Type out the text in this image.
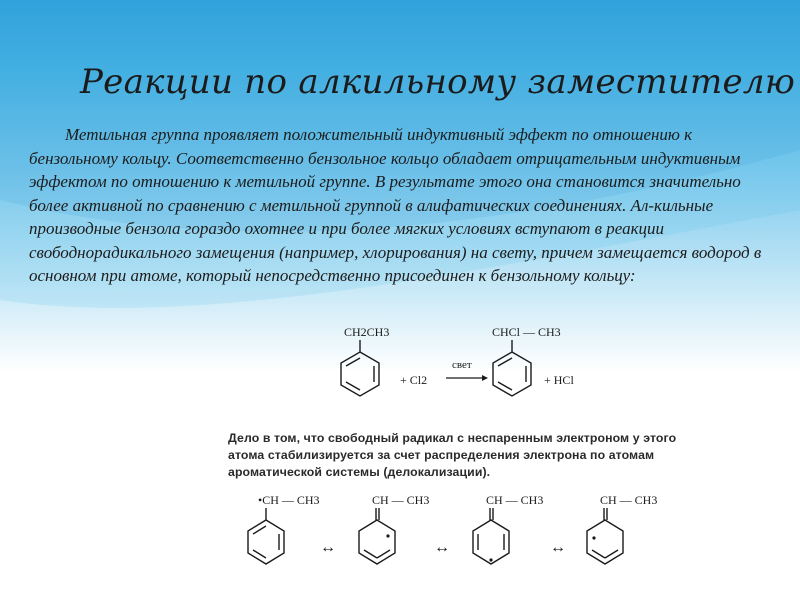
Реакции по алкильному заместителю
Метильная группа проявляет положительный индуктивный эффект по отношению к бензольному кольцу. Соответственно бензольное кольцо обладает отрицательным индуктивным эффектом по отношению к метильной группе. В результате этого она становится значительно более активной по сравнению с метильной группой в алифатических соединениях. Ал-кильные производные бензола гораздо охотнее и при более мягких условиях вступают в реакции свободнорадикального замещения (например, хлорирования) на свету, причем замещается водород в основном при атоме, который непосредственно присоединен к бензольному кольцу:
CH2CH3
+ Cl2
свет
CHCl — CH3
+ HCl
Дело в том, что свободный радикал с неспаренным электроном у этого атома стабилизируется за счет распределения электрона по атомам ароматической системы (делокализации).
•CH — CH3
↔
CH — CH3
↔
CH — CH3
↔
CH — CH3
